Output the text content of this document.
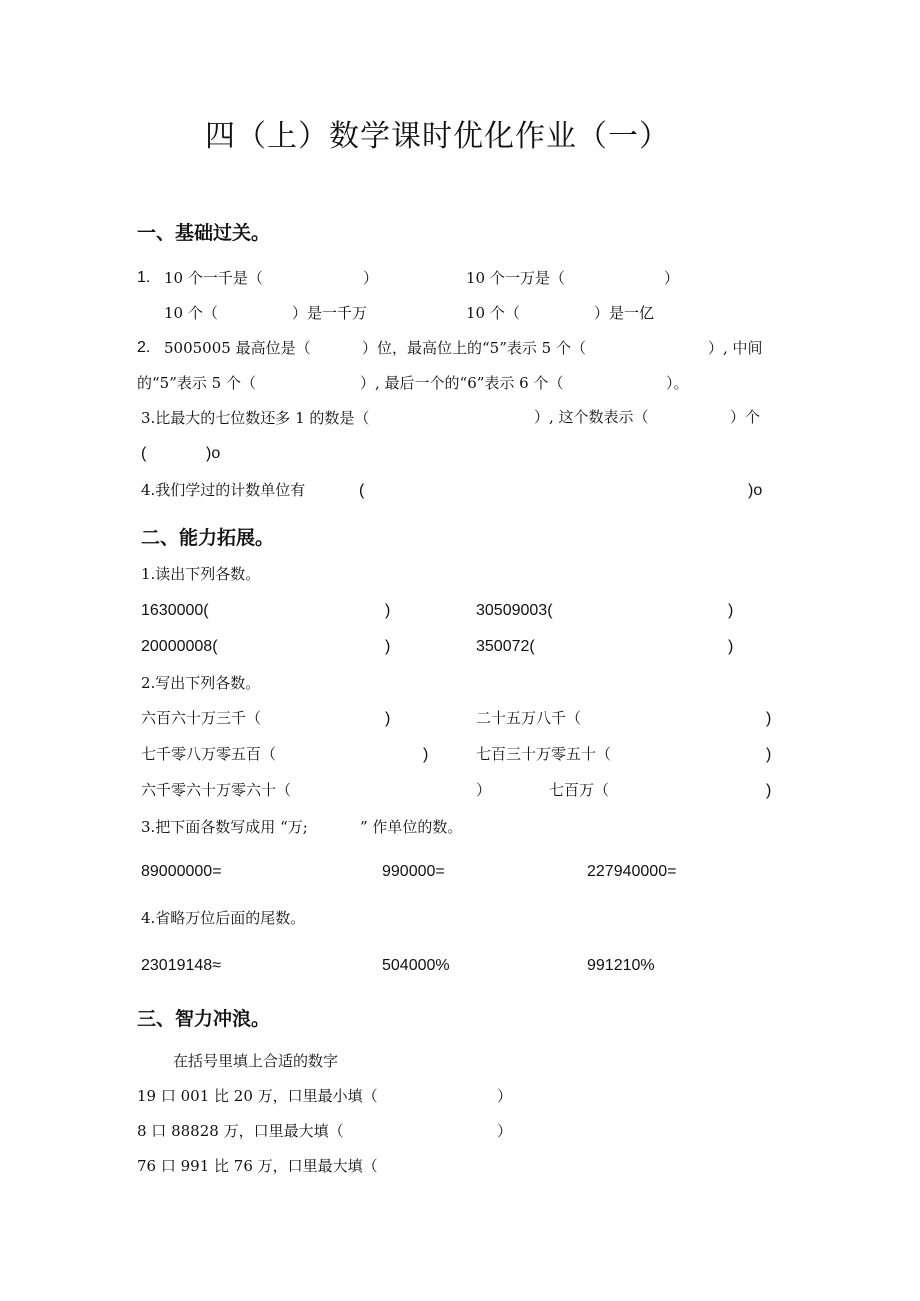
四（上）数学课时优化作业（一）
一、基础过关。
1. 10 个一千是（	）	10 个一万是（	）
10 个（	）是一千万	10 个（	）是一亿
2. 5005005 最高位是（	）位，最高位上的“5”表示 5 个（	）, 中间
的“5”表示 5 个（	）, 最后一个的“6”表示 6 个（	）。
3.比最大的七位数还多 1 的数是（	）, 这个数表示（	）个
(	)o
4.我们学过的计数单位有	(	)o
二、能力拓展。
1.读出下列各数。
1630000(	)	30509003(	)
20000008(	)	350072(	)
2.写出下列各数。
六百六十万三千（	)	二十五万八千（	)
七千零八万零五百（	)	七百三十万零五十（	)
六千零六十万零六十（	）	七百万（	)
3.把下面各数写成用 “万;	” 作单位的数。
89000000=	990000=	227940000=
4.省略万位后面的尾数。
23019148≈	504000%	991210%
三、智力冲浪。
在括号里填上合适的数字
19 口 001 比 20 万，口里最小填（	）
8 口 88828 万，口里最大填（	）
76 口 991 比 76 万，口里最大填（
